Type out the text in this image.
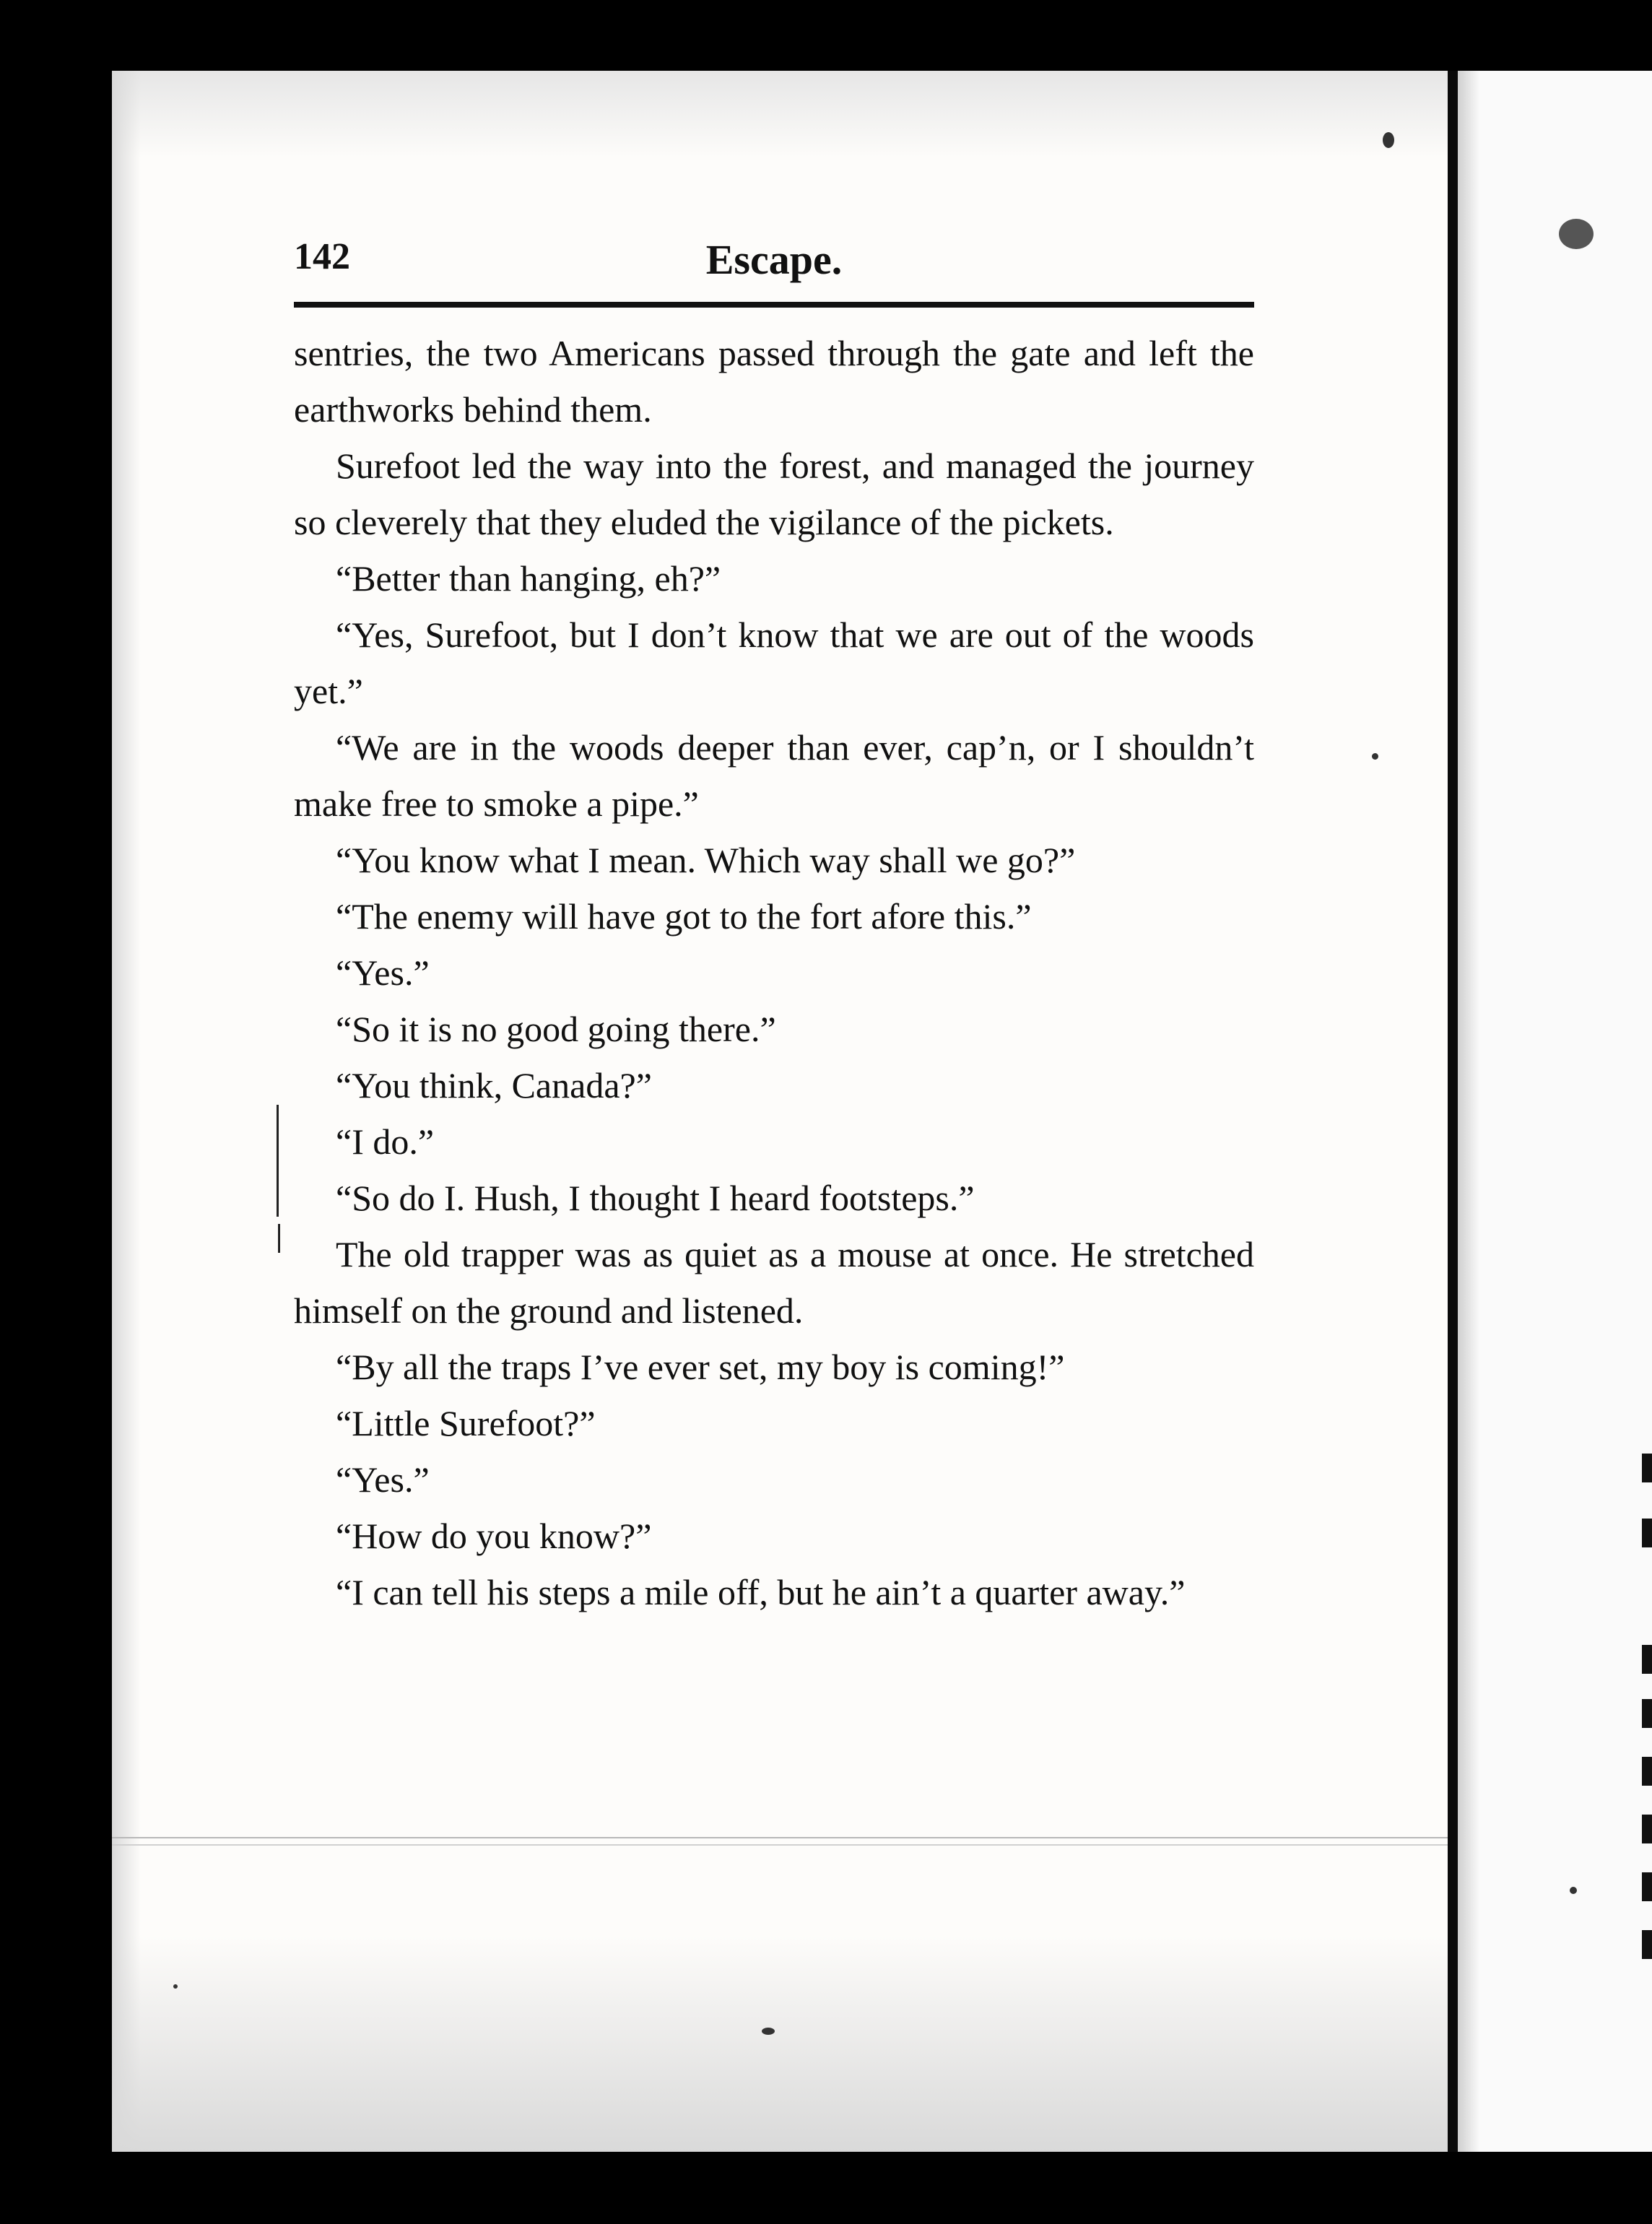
142	Escape.

sentries, the two Americans passed through the gate and left the earthworks behind them.

Surefoot led the way into the forest, and managed the journey so cleverely that they eluded the vigilance of the pickets.

“Better than hanging, eh?”

“Yes, Surefoot, but I don’t know that we are out of the woods yet.”

“We are in the woods deeper than ever, cap’n, or I shouldn’t make free to smoke a pipe.”

“You know what I mean. Which way shall we go?”

“The enemy will have got to the fort afore this.”

“Yes.”

“So it is no good going there.”

“You think, Canada?”

“I do.”

“So do I. Hush, I thought I heard footsteps.”

The old trapper was as quiet as a mouse at once. He stretched himself on the ground and listened.

“By all the traps I’ve ever set, my boy is coming!”

“Little Surefoot?”

“Yes.”

“How do you know?”

“I can tell his steps a mile off, but he ain’t a quarter away.”
